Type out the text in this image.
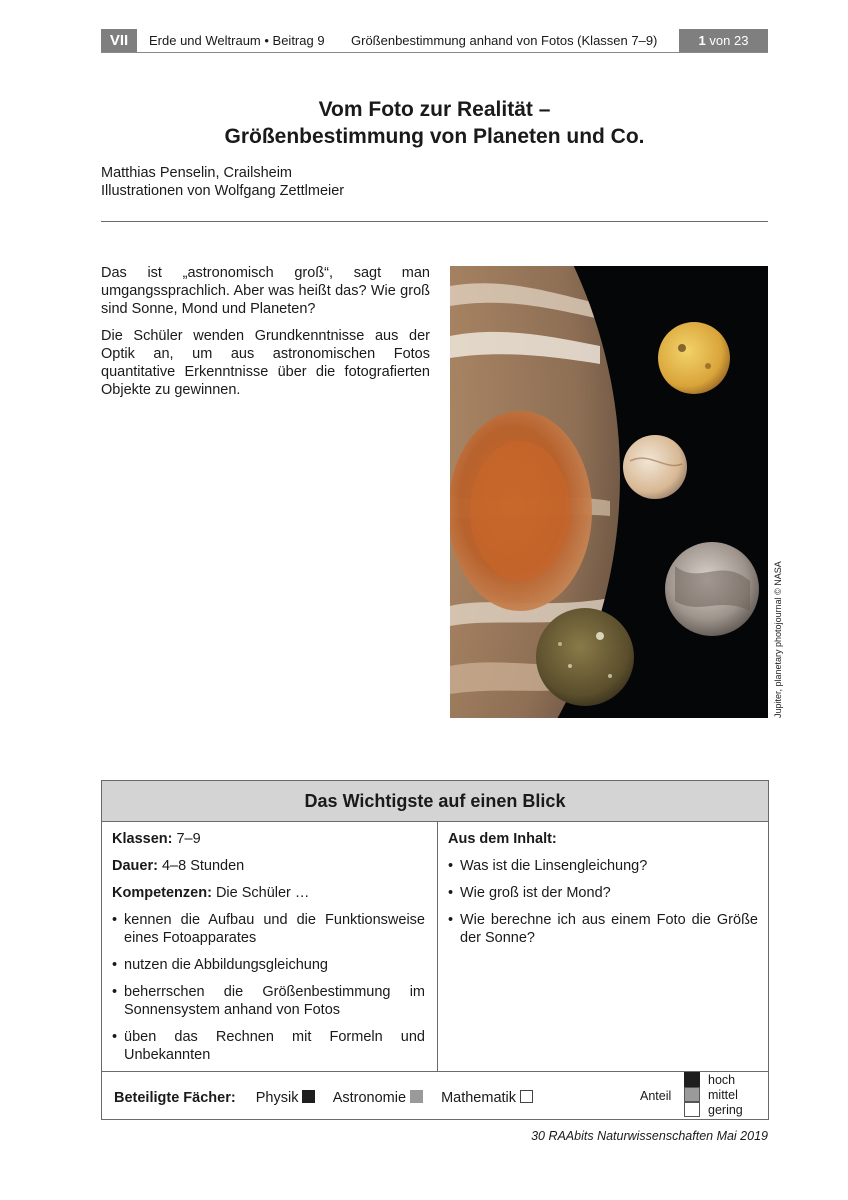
VII	Erde und Weltraum • Beitrag 9 Größenbestimmung anhand von Fotos (Klassen 7–9)	1 von 23
Vom Foto zur Realität –
Größenbestimmung von Planeten und Co.
Matthias Penselin, Crailsheim
Illustrationen von Wolfgang Zettlmeier

Das ist „astronomisch groß“, sagt man umgangssprachlich. Aber was heißt das? Wie groß sind Sonne, Mond und Planeten?

Die Schüler wenden Grundkenntnisse aus der Optik an, um aus astronomischen Fotos quantitative Erkenntnisse über die fotografierten Objekte zu gewinnen.

Jupiter, planetary photojournal © NASA
Das Wichtigste auf einen Blick
Klassen: 7–9
Dauer: 4–8 Stunden
Kompetenzen: Die Schüler …
• kennen die Aufbau und die Funktionsweise eines Fotoapparates
• nutzen die Abbildungsgleichung
• beherrschen die Größenbestimmung im Sonnensystem anhand von Fotos
• üben das Rechnen mit Formeln und Unbekannten
Aus dem Inhalt:
• Was ist die Linsengleichung?
• Wie groß ist der Mond?
• Wie berechne ich aus einem Foto die Größe der Sonne?
Beteiligte Fächer: Physik Astronomie Mathematik	Anteil
hoch
mittel
gering
30 RAAbits Naturwissenschaften Mai 2019
